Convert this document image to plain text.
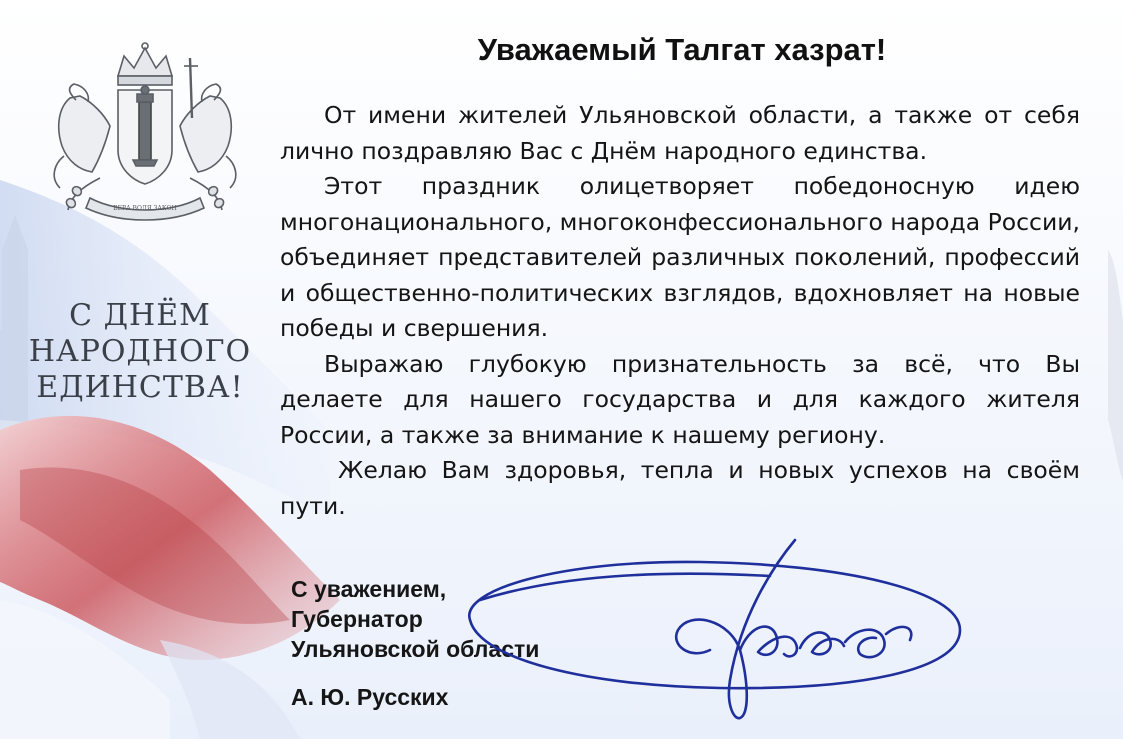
ВЕРА ВОЛЯ ЗАКОН
С ДНЁМ
НАРОДНОГО
ЕДИНСТВА!
Уважаемый Талгат хазрат!

От имени жителей Ульяновской области, а также от себя лично поздравляю Вас с Днём народного единства.

Этот праздник олицетворяет победоносную идею многонационального, многоконфессионального народа России, объединяет представителей различных поколений, профессий и общественно-политических взглядов, вдохновляет на новые победы и свершения.

Выражаю глубокую признательность за всё, что Вы делаете для нашего государства и для каждого жителя России, а также за внимание к нашему региону.

Желаю Вам здоровья, тепла и новых успехов на своём пути.

С уважением,
Губернатор
Ульяновской области
А. Ю. Русских
